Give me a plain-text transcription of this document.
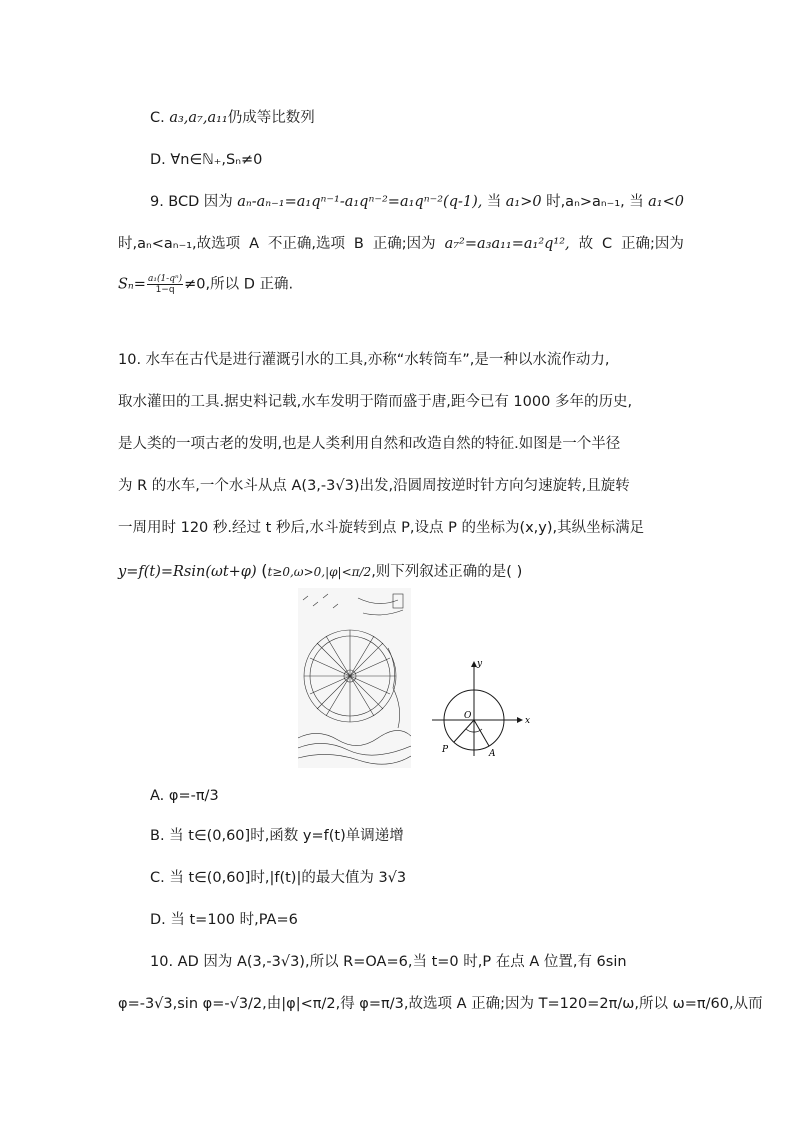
C. a₃,a₇,a₁₁仍成等比数列
D. ∀n∈ℕ₊,Sₙ≠0
9. BCD 因为 aₙ-aₙ₋₁=a₁qⁿ⁻¹-a₁qⁿ⁻²=a₁qⁿ⁻²(q-1), 当 a₁>0 时,aₙ>aₙ₋₁, 当 a₁<0
时,aₙ<aₙ₋₁,故选项 A 不正确,选项 B 正确;因为 a₇²=a₃a₁₁=a₁²q¹², 故 C 正确;因为
$S_n= \frac{\text{a₁(1-qⁿ)}}{1-q} \ne 0$,所以 D 正确.
10. 水车在古代是进行灌溉引水的工具,亦称“水转筒车”,是一种以水流作动力,
取水灌田的工具.据史料记载,水车发明于隋而盛于唐,距今已有 1000 多年的历史,
是人类的一项古老的发明,也是人类利用自然和改造自然的特征.如图是一个半径
为 R 的水车,一个水斗从点 A(3,-3√3)出发,沿圆周按逆时针方向匀速旋转,且旋转
一周用时 120 秒.经过 t 秒后,水斗旋转到点 P,设点 P 的坐标为(x,y),其纵坐标满足
y=f(t)=Rsin(ωt+φ) (t≥0,ω>0,|φ|<π/2,则下列叙述正确的是( )
x
y
O
P	A
A. φ=-π/3
B. 当 t∈(0,60]时,函数 y=f(t)单调递增
C. 当 t∈(0,60]时,|f(t)|的最大值为 3√3
D. 当 t=100 时,PA=6
10. AD 因为 A(3,-3√3),所以 R=OA=6,当 t=0 时,P 在点 A 位置,有 6sin
φ=-3√3,sin φ=-√3/2,由|φ|<π/2,得 φ=π/3,故选项 A 正确;因为 T=120=2π/ω,所以 ω=π/60,从而
